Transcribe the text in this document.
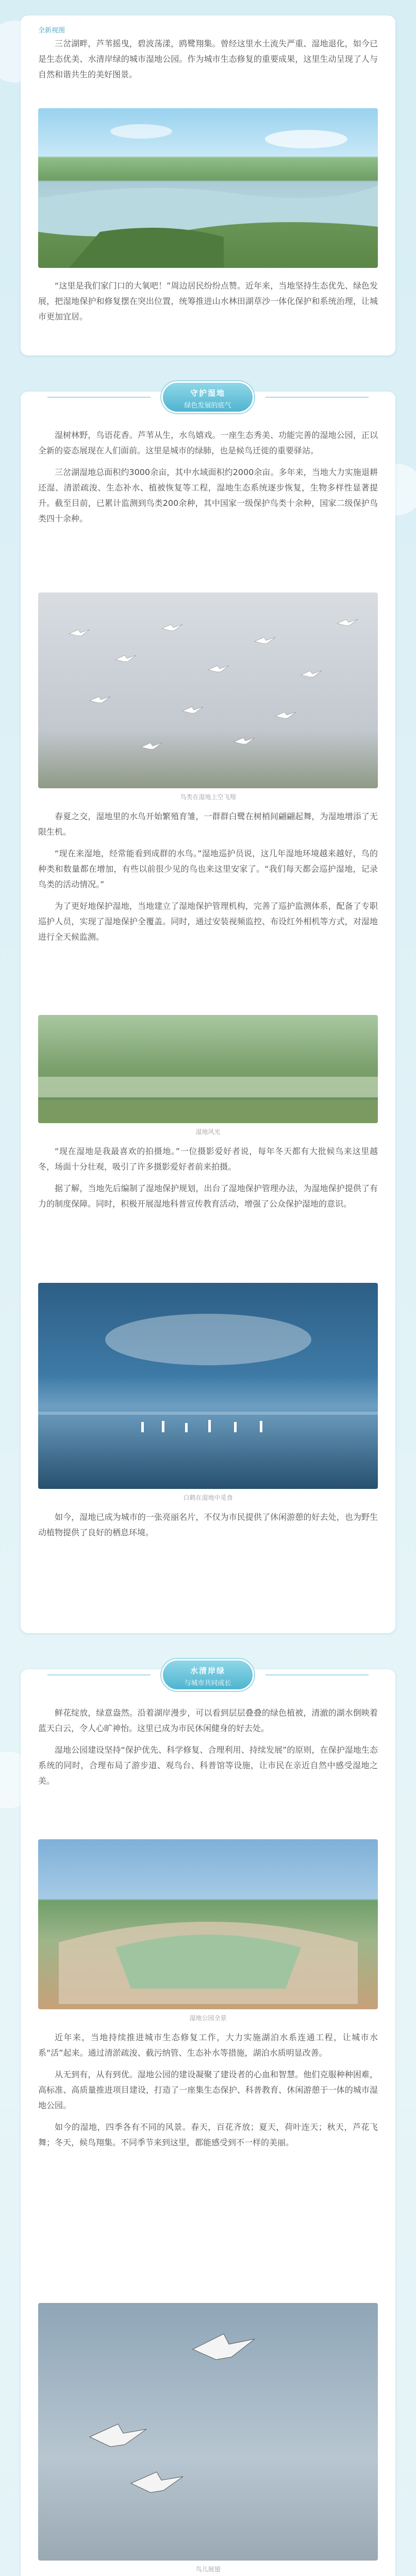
全新视图

三岔湖畔，芦苇摇曳，碧波荡漾，鸥鹭翔集。曾经这里水土流失严重、湿地退化，如今已是生态优美、水清岸绿的城市湿地公园。作为城市生态修复的重要成果，这里生动呈现了人与自然和谐共生的美好图景。

“这里是我们家门口的大氧吧！”周边居民纷纷点赞。近年来，当地坚持生态优先、绿色发展，把湿地保护和修复摆在突出位置，统筹推进山水林田湖草沙一体化保护和系统治理，让城市更加宜居。

守护湿地
绿色发展的底气

湿树林野，鸟语花香。芦苇从生，水鸟嬉戏。一座生态秀美、功能完善的湿地公园，正以全新的姿态展现在人们面前。这里是城市的绿肺，也是候鸟迁徙的重要驿站。

三岔湖湿地总面积约3000余亩，其中水域面积约2000余亩。多年来，当地大力实施退耕还湿、清淤疏浚、生态补水、植被恢复等工程，湿地生态系统逐步恢复，生物多样性显著提升。截至目前，已累计监测到鸟类200余种，其中国家一级保护鸟类十余种，国家二级保护鸟类四十余种。

鸟类在湿地上空飞翔

春夏之交，湿地里的水鸟开始繁殖育雏，一群群白鹭在树梢间翩翩起舞，为湿地增添了无限生机。

“现在来湿地，经常能看到成群的水鸟。”湿地巡护员说，这几年湿地环境越来越好，鸟的种类和数量都在增加，有些以前很少见的鸟也来这里安家了。“我们每天都会巡护湿地，记录鸟类的活动情况。”

为了更好地保护湿地，当地建立了湿地保护管理机构，完善了巡护监测体系，配备了专职巡护人员，实现了湿地保护全覆盖。同时，通过安装视频监控、布设红外相机等方式，对湿地进行全天候监测。

湿地风光

“现在湿地是我最喜欢的拍摄地。”一位摄影爱好者说，每年冬天都有大批候鸟来这里越冬，场面十分壮观，吸引了许多摄影爱好者前来拍摄。

据了解，当地先后编制了湿地保护规划，出台了湿地保护管理办法，为湿地保护提供了有力的制度保障。同时，积极开展湿地科普宣传教育活动，增强了公众保护湿地的意识。

白鹤在湿地中觅食

如今，湿地已成为城市的一张亮丽名片，不仅为市民提供了休闲游憩的好去处，也为野生动植物提供了良好的栖息环境。

水清岸绿
与城市共同成长

鲜花绽放，绿意盎然。沿着湖岸漫步，可以看到层层叠叠的绿色植被，清澈的湖水倒映着蓝天白云，令人心旷神怡。这里已成为市民休闲健身的好去处。

湿地公园建设坚持“保护优先、科学修复、合理利用、持续发展”的原则，在保护湿地生态系统的同时，合理布局了游步道、观鸟台、科普馆等设施，让市民在亲近自然中感受湿地之美。

湿地公园全景

近年来，当地持续推进城市生态修复工作，大力实施湖泊水系连通工程，让城市水系“活”起来。通过清淤疏浚、截污纳管、生态补水等措施，湖泊水质明显改善。

从无到有，从有到优。湿地公园的建设凝聚了建设者的心血和智慧。他们克服种种困难，高标准、高质量推进项目建设，打造了一座集生态保护、科普教育、休闲游憩于一体的城市湿地公园。

如今的湿地，四季各有不同的风景。春天，百花齐放；夏天，荷叶连天；秋天，芦花飞舞；冬天，候鸟翔集。不同季节来到这里，都能感受到不一样的美丽。

鸟儿展翅
